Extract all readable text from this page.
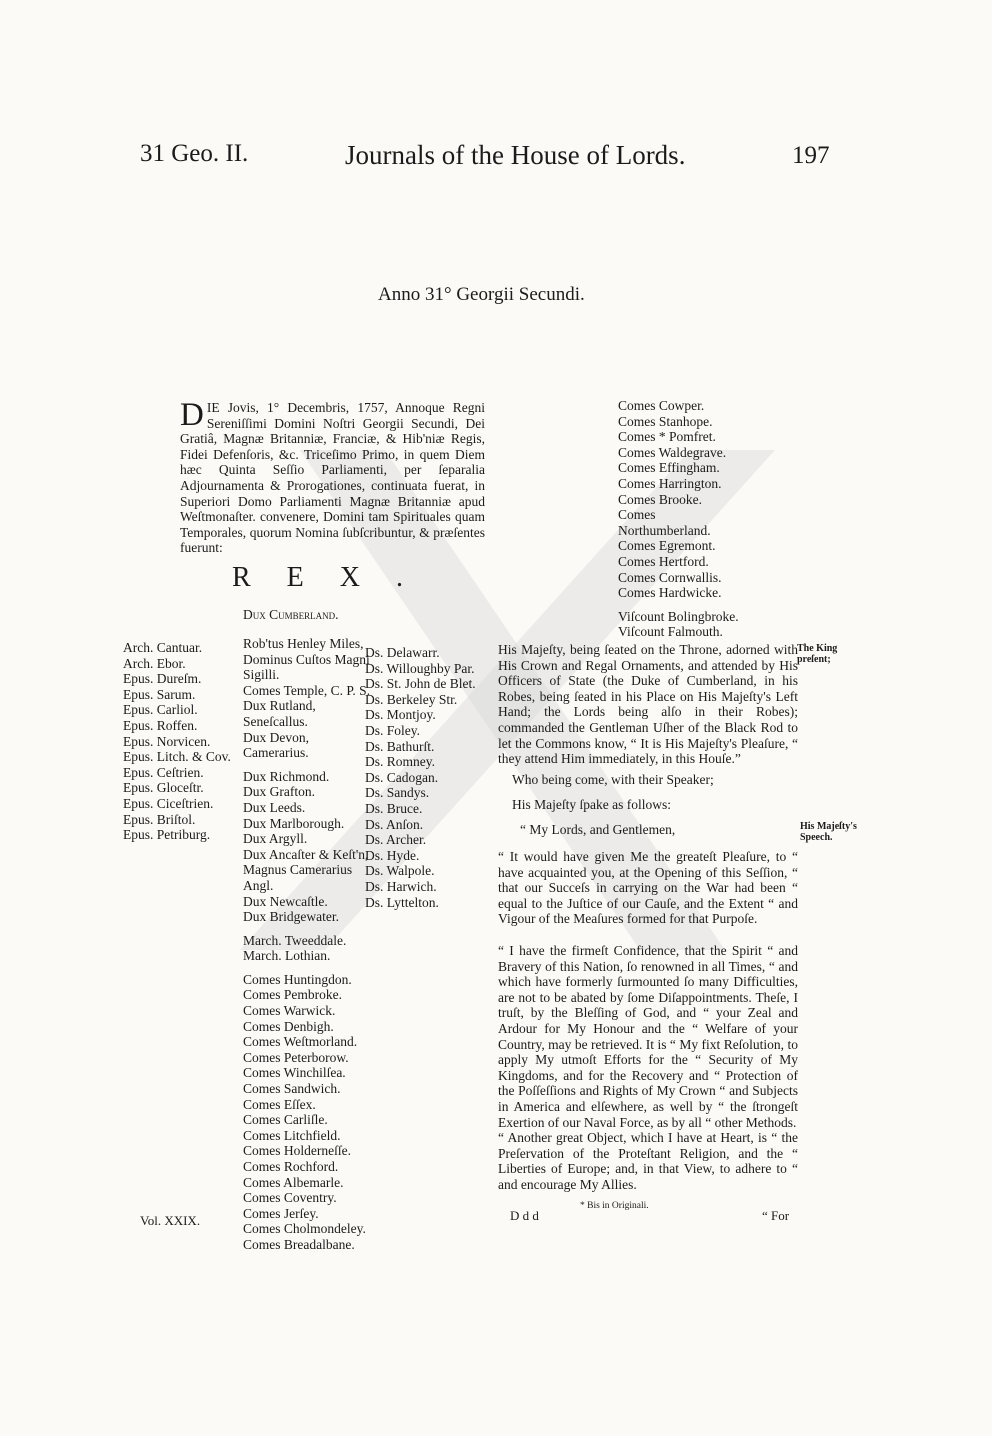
31 Geo. II.	Journals of the House of Lords.	197
Anno 31° Georgii Secundi.
DIE Jovis, 1° Decembris, 1757, Annoque Regni Sereniſſimi Domini Noſtri Georgii Secundi, Dei Gratiâ, Magnæ Britanniæ, Franciæ, & Hib'niæ Regis, Fidei Defenſoris, &c. Triceſimo Primo, in quem Diem hæc Quinta Seſſio Parliamenti, per ſeparalia Adjournamenta & Prorogationes, continuata fuerat, in Superiori Domo Parliamenti Magnæ Britanniæ apud Weſtmonaſter. convenere, Domini tam Spirituales quam Temporales, quorum Nomina ſubſcribuntur, & præſentes fuerunt:
REX.
Dux Cumberland.
Comes Cowper.
Comes Stanhope.
Comes * Pomfret.
Comes Waldegrave.
Comes Effingham.
Comes Harrington.
Comes Brooke.
Comes Northumberland.
Comes Egremont.
Comes Hertford.
Comes Cornwallis.
Comes Hardwicke.
Viſcount Bolingbroke.
Viſcount Falmouth.
Arch. Cantuar.
Arch. Ebor.
Epus. Dureſm.
Epus. Sarum.
Epus. Carliol.
Epus. Roffen.
Epus. Norvicen.
Epus. Litch. & Cov.
Epus. Ceſtrien.
Epus. Gloceſtr.
Epus. Ciceſtrien.
Epus. Briſtol.
Epus. Petriburg.
Rob'tus Henley Miles, Dominus Cuſtos Magni Sigilli.
Comes Temple, C. P. S.
Dux Rutland, Seneſcallus.
Dux Devon, Camerarius.
Dux Richmond.
Dux Grafton.
Dux Leeds.
Dux Marlborough.
Dux Argyll.
Dux Ancaſter & Keſt'n, Magnus Camerarius Angl.
Dux Newcaſtle.
Dux Bridgewater.
March. Tweeddale.
March. Lothian.
Comes Huntingdon.
Comes Pembroke.
Comes Warwick.
Comes Denbigh.
Comes Weſtmorland.
Comes Peterborow.
Comes Winchilſea.
Comes Sandwich.
Comes Eſſex.
Comes Carliſle.
Comes Litchfield.
Comes Holderneſſe.
Comes Rochford.
Comes Albemarle.
Comes Coventry.
Comes Jerſey.
Comes Cholmondeley.
Comes Breadalbane.
Ds. Delawarr.
Ds. Willoughby Par.
Ds. St. John de Blet.
Ds. Berkeley Str.
Ds. Montjoy.
Ds. Foley.
Ds. Bathurſt.
Ds. Romney.
Ds. Cadogan.
Ds. Sandys.
Ds. Bruce.
Ds. Anſon.
Ds. Archer.
Ds. Hyde.
Ds. Walpole.
Ds. Harwich.
Ds. Lyttelton.
His Majeſty, being ſeated on the Throne, adorned with His Crown and Regal Ornaments, and attended by His Officers of State (the Duke of Cumberland, in his Robes, being ſeated in his Place on His Majeſty's Left Hand; the Lords being alſo in their Robes); commanded the Gentleman Uſher of the Black Rod to let the Commons know, “ It is His Majeſty's Pleaſure, “ they attend Him immediately, in this Houſe.”
Who being come, with their Speaker;
His Majeſty ſpake as follows:
“ My Lords, and Gentlemen,
“ It would have given Me the greateſt Pleaſure, to “ have acquainted you, at the Opening of this Seſſion, “ that our Succeſs in carrying on the War had been “ equal to the Juſtice of our Cauſe, and the Extent “ and Vigour of the Meaſures formed for that Purpoſe.
“ I have the firmeſt Confidence, that the Spirit “ and Bravery of this Nation, ſo renowned in all Times, “ and which have formerly ſurmounted ſo many Difficulties, are not to be abated by ſome Diſappointments. Theſe, I truſt, by the Bleſſing of God, and “ your Zeal and Ardour for My Honour and the “ Welfare of your Country, may be retrieved. It is “ My fixt Reſolution, to apply My utmoſt Efforts for the “ Security of My Kingdoms, and for the Recovery and “ Protection of the Poſſeſſions and Rights of My Crown “ and Subjects in America and elſewhere, as well by “ the ſtrongeſt Exertion of our Naval Force, as by all “ other Methods.
“ Another great Object, which I have at Heart, is “ the Preſervation of the Proteſtant Religion, and the “ Liberties of Europe; and, in that View, to adhere to “ and encourage My Allies.
The King preſent;
His Majeſty's Speech.
Vol. XXIX.	D d d
* Bis in Originali.
“ For
